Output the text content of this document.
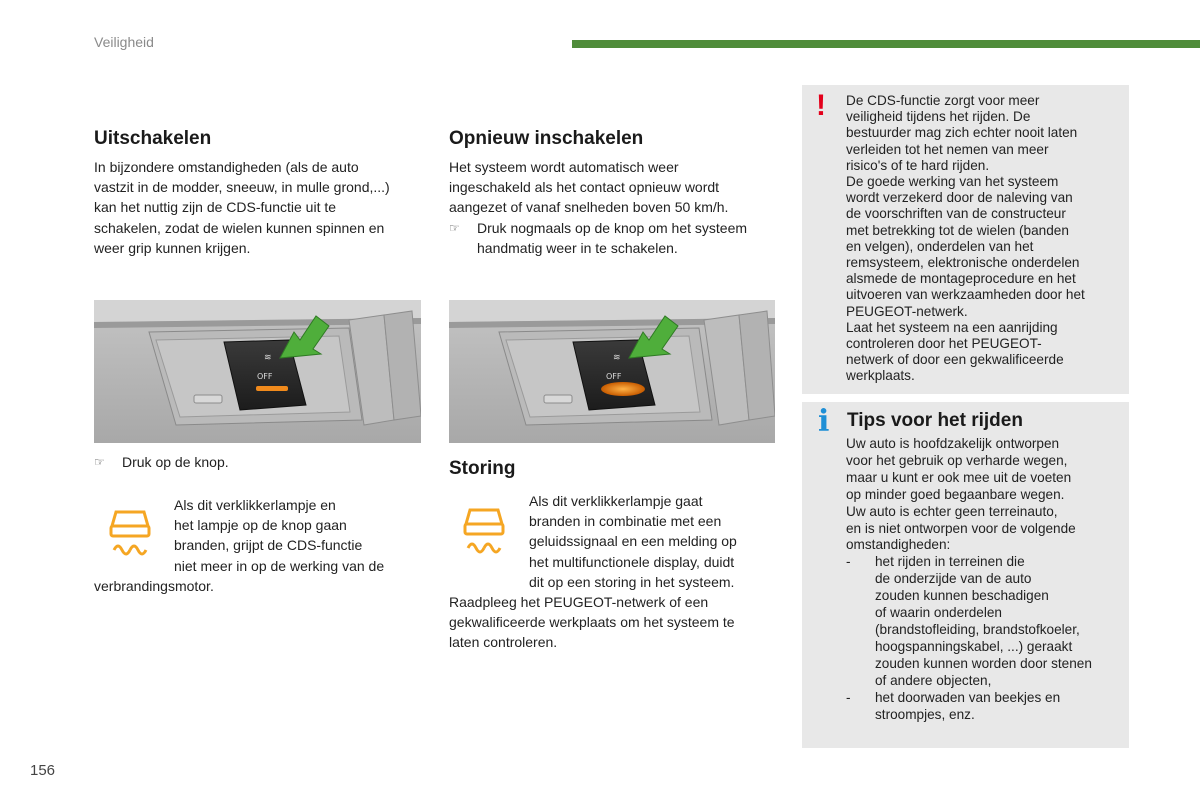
Veiligheid
Uitschakelen
In bijzondere omstandigheden (als de auto
vastzit in de modder, sneeuw, in mulle grond,...)
kan het nuttig zijn de CDS-functie uit te
schakelen, zodat de wielen kunnen spinnen en
weer grip kunnen krijgen.
≋
OFF
☞	Druk op de knop.
Als dit verklikkerlampje en
het lampje op de knop gaan
branden, grijpt de CDS-functie
niet meer in op de werking van de
verbrandingsmotor.
Opnieuw inschakelen
Het systeem wordt automatisch weer
ingeschakeld als het contact opnieuw wordt
aangezet of vanaf snelheden boven 50 km/h.
☞	Druk nogmaals op de knop om het systeem
handmatig weer in te schakelen.
≋
OFF
Storing
Als dit verklikkerlampje gaat
branden in combinatie met een
geluidssignaal en een melding op
het multifunctionele display, duidt
dit op een storing in het systeem.
Raadpleeg het PEUGEOT-netwerk of een
gekwalificeerde werkplaats om het systeem te
laten controleren.
! De CDS-functie zorgt voor meer
veiligheid tijdens het rijden. De
bestuurder mag zich echter nooit laten
verleiden tot het nemen van meer
risico's of te hard rijden.
De goede werking van het systeem
wordt verzekerd door de naleving van
de voorschriften van de constructeur
met betrekking tot de wielen (banden
en velgen), onderdelen van het
remsysteem, elektronische onderdelen
alsmede de montageprocedure en het
uitvoeren van werkzaamheden door het
PEUGEOT-netwerk.
Laat het systeem na een aanrijding
controleren door het PEUGEOT-
netwerk of door een gekwalificeerde
werkplaats.
i Tips voor het rijden
Uw auto is hoofdzakelijk ontworpen
voor het gebruik op verharde wegen,
maar u kunt er ook mee uit de voeten
op minder goed begaanbare wegen.
Uw auto is echter geen terreinauto,
en is niet ontworpen voor de volgende
omstandigheden:
-	het rijden in terreinen die
de onderzijde van de auto
zouden kunnen beschadigen
of waarin onderdelen
(brandstofleiding, brandstofkoeler,
hoogspanningskabel, ...) geraakt
zouden kunnen worden door stenen
of andere objecten,
-	het doorwaden van beekjes en
stroompjes, enz.
156
